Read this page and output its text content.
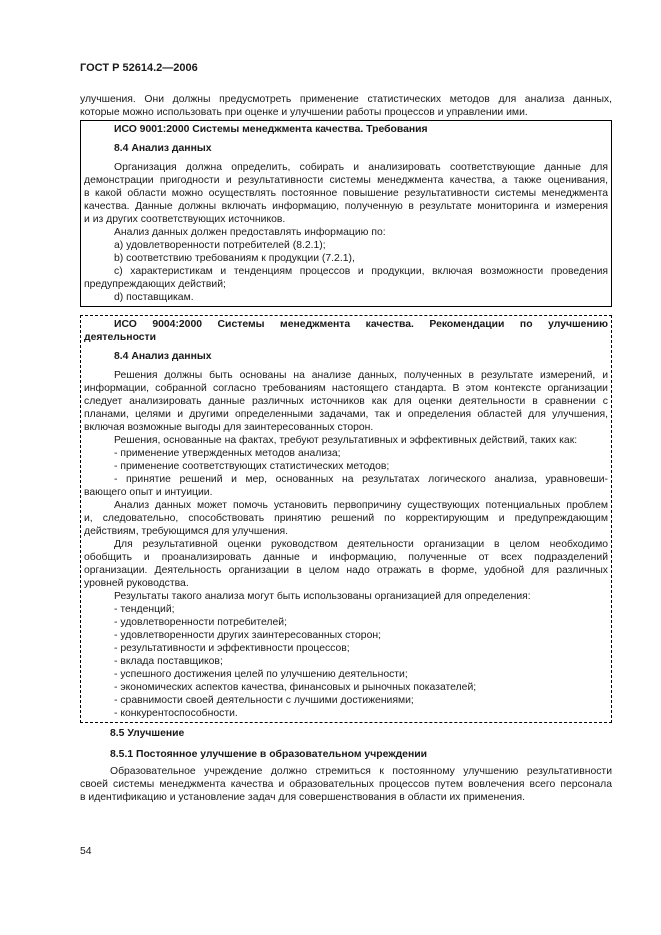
ГОСТ Р 52614.2—2006

улучшения. Они должны предусмотреть применение статистических методов для анализа данных,

которые можно использовать при оценке и улучшении работы процессов и управлении ими.

ИСО 9001:2000 Системы менеджмента качества. Требования

8.4 Анализ данных

Организация должна определить, собирать и анализировать соответствующие данные для

демонстрации пригодности и результативности системы менеджмента качества, а также оценивания,

в какой области можно осуществлять постоянное повышение результативности системы менеджмента

качества. Данные должны включать информацию, полученную в результате мониторинга и измерения

и из других соответствующих источников.

Анализ данных должен предоставлять информацию по:

a) удовлетворенности потребителей (8.2.1);

b) соответствию требованиям к продукции (7.2.1),

c) характеристикам и тенденциям процессов и продукции, включая возможности проведения

предупреждающих действий;

d) поставщикам.

ИСО 9004:2000 Системы менеджмента качества. Рекомендации по улучшению

деятельности

8.4 Анализ данных

Решения должны быть основаны на анализе данных, полученных в результате измерений, и

информации, собранной согласно требованиям настоящего стандарта. В этом контексте организации

следует анализировать данные различных источников как для оценки деятельности в сравнении с

планами, целями и другими определенными задачами, так и определения областей для улучшения,

включая возможные выгоды для заинтересованных сторон.

Решения, основанные на фактах, требуют результативных и эффективных действий, таких как:

- применение утвержденных методов анализа;

- применение соответствующих статистических методов;

- принятие решений и мер, основанных на результатах логического анализа, уравновеши-

вающего опыт и интуиции.

Анализ данных может помочь установить первопричину существующих потенциальных проблем

и, следовательно, способствовать принятию решений по корректирующим и предупреждающим

действиям, требующимся для улучшения.

Для результативной оценки руководством деятельности организации в целом необходимо

обобщить и проанализировать данные и информацию, полученные от всех подразделений

организации. Деятельность организации в целом надо отражать в форме, удобной для различных

уровней руководства.

Результаты такого анализа могут быть использованы организацией для определения:

- тенденций;

- удовлетворенности потребителей;

- удовлетворенности других заинтересованных сторон;

- результативности и эффективности процессов;

- вклада поставщиков;

- успешного достижения целей по улучшению деятельности;

- экономических аспектов качества, финансовых и рыночных показателей;

- сравнимости своей деятельности с лучшими достижениями;

- конкурентоспособности.

8.5 Улучшение

8.5.1 Постоянное улучшение в образовательном учреждении

Образовательное учреждение должно стремиться к постоянному улучшению результативности

своей системы менеджмента качества и образовательных процессов путем вовлечения всего персонала

в идентификацию и установление задач для совершенствования в области их применения.

54
